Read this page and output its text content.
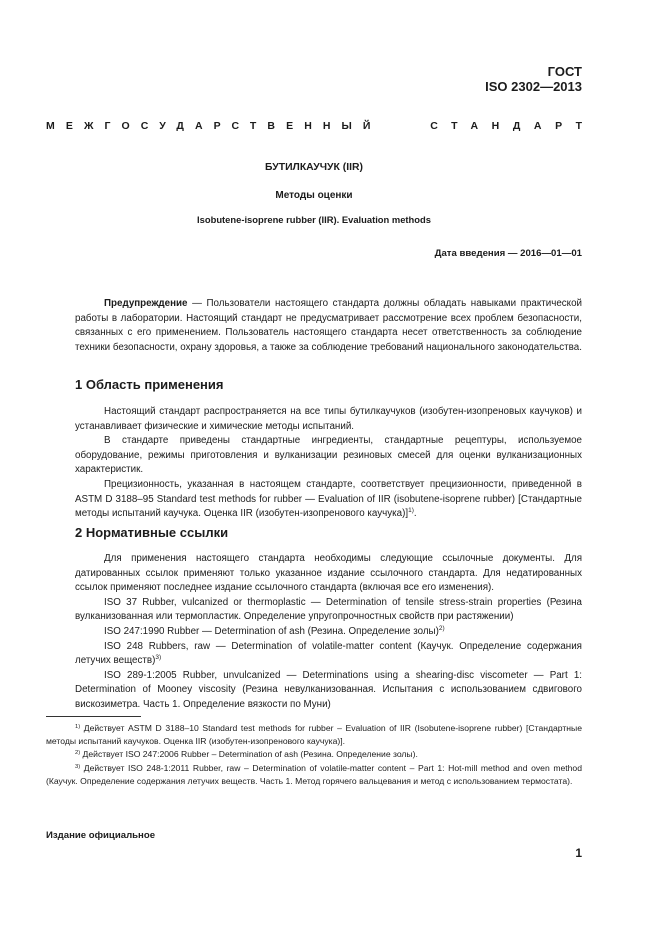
ГОСТ
ISO 2302—2013
МЕЖГОСУДАРСТВЕННЫЙ	СТАНДАРТ
БУТИЛКАУЧУК (IIR)
Методы оценки
Isobutene-isoprene rubber (IIR). Evaluation methods
Дата введения — 2016—01—01

Предупреждение — Пользователи настоящего стандарта должны обладать навыками практической работы в лаборатории. Настоящий стандарт не предусматривает рассмотрение всех проблем безопасности, связанных с его применением. Пользователь настоящего стандарта несет ответственность за соблюдение техники безопасности, охрану здоровья, а также за соблюдение требований национального законодательства.

1 Область применения

Настоящий стандарт распространяется на все типы бутилкаучуков (изобутен-изопреновых каучуков) и устанавливает физические и химические методы испытаний.

В стандарте приведены стандартные ингредиенты, стандартные рецептуры, используемое оборудование, режимы приготовления и вулканизации резиновых смесей для оценки вулканизационных характеристик.

Прецизионность, указанная в настоящем стандарте, соответствует прецизионности, приведенной в ASTM D 3188–95 Standard test methods for rubber — Evaluation of IIR (isobutene-isoprene rubber) [Стандартные методы испытаний каучука. Оценка IIR (изобутен-изопренового каучука)]$^{1)}$.

2 Нормативные ссылки

Для применения настоящего стандарта необходимы следующие ссылочные документы. Для датированных ссылок применяют только указанное издание ссылочного стандарта. Для недатированных ссылок применяют последнее издание ссылочного стандарта (включая все его изменения).

ISO 37 Rubber, vulcanized or thermoplastic — Determination of tensile stress-strain properties (Резина вулканизованная или термопластик. Определение упругопрочностных свойств при растяжении)

ISO 247:1990 Rubber — Determination of ash (Резина. Определение золы)$^{2)}$

ISO 248 Rubbers, raw — Determination of volatile-matter content (Каучук. Определение содержания летучих веществ)$^{3)}$

ISO 289-1:2005 Rubber, unvulcanized — Determinations using a shearing-disc viscometer — Part 1: Determination of Mooney viscosity (Резина невулканизованная. Испытания с использованием сдвигового вискозиметра. Часть 1. Определение вязкости по Муни)

$^{1)}$ Действует ASTM D 3188–10 Standard test methods for rubber – Evaluation of IIR (Isobutene-isoprene rubber) [Стандартные методы испытаний каучуков. Оценка IIR (изобутен-изопренового каучука)].

$^{2)}$ Действует ISO 247:2006 Rubber – Determination of ash (Резина. Определение золы).

$^{3)}$ Действует ISO 248-1:2011 Rubber, raw – Determination of volatile-matter content – Part 1: Hot-mill method and oven method (Каучук. Определение содержания летучих веществ. Часть 1. Метод горячего вальцевания и метод с использованием термостата).

Издание официальное
1
